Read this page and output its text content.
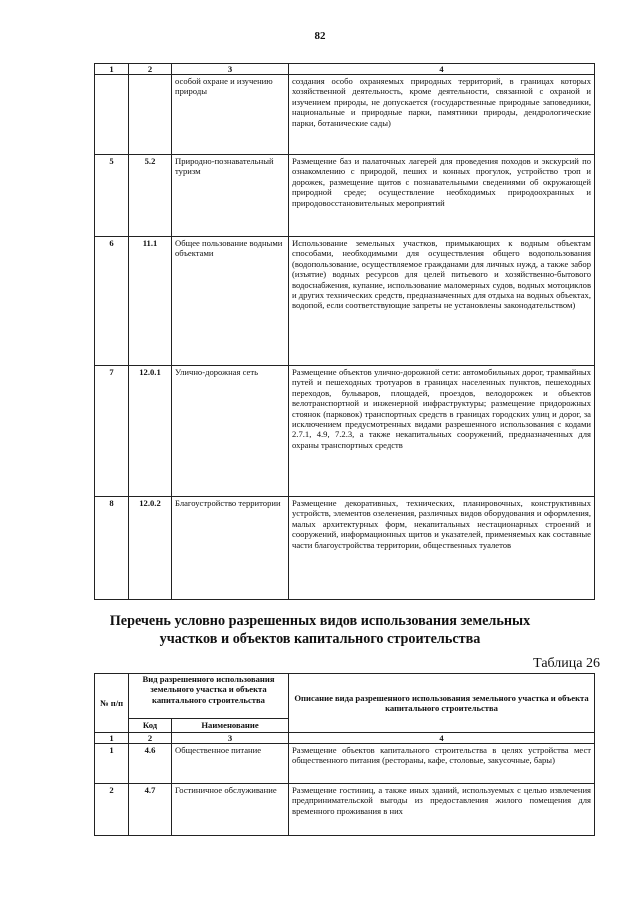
82
1	2	3	4
		особой охране и изучению природы	создания особо охраняемых природных территорий, в границах которых хозяйственной деятельность, кроме деятельности, связанной с охраной и изучением природы, не допускается (государственные природные заповедники, национальные и природные парки, памятники природы, дендрологические парки, ботанические сады)
5	5.2	Природно-познавательный туризм	Размещение баз и палаточных лагерей для проведения походов и экскурсий по ознакомлению с природой, пеших и конных прогулок, устройство троп и дорожек, размещение щитов с познавательными сведениями об окружающей природной среде; осуществление необходимых природоохранных и природовосстановительных мероприятий
6	11.1	Общее пользование водными объектами	Использование земельных участков, примыкающих к водным объектам способами, необходимыми для осуществления общего водопользования (водопользование, осуществляемое гражданами для личных нужд, а также забор (изъятие) водных ресурсов для целей питьевого и хозяйственно-бытового водоснабжения, купание, использование маломерных судов, водных мотоциклов и других технических средств, предназначенных для отдыха на водных объектах, водопой, если соответствующие запреты не установлены законодательством)
7	12.0.1	Улично-дорожная сеть	Размещение объектов улично-дорожной сети: автомобильных дорог, трамвайных путей и пешеходных тротуаров в границах населенных пунктов, пешеходных переходов, бульваров, площадей, проездов, велодорожек и объектов велотранспортной и инженерной инфраструктуры; размещение придорожных стоянок (парковок) транспортных средств в границах городских улиц и дорог, за исключением предусмотренных видами разрешенного использования с кодами 2.7.1, 4.9, 7.2.3, а также некапитальных сооружений, предназначенных для охраны транспортных средств
8	12.0.2	Благоустройство территории	Размещение декоративных, технических, планировочных, конструктивных устройств, элементов озеленения, различных видов оборудования и оформления, малых архитектурных форм, некапитальных нестационарных строений и сооружений, информационных щитов и указателей, применяемых как составные части благоустройства территории, общественных туалетов
Перечень условно разрешенных видов использования земельных участков и объектов капитального строительства
Таблица 26
№ п/п	Вид разрешенного использования земельного участка и объекта капитального строительства		Описание вида разрешенного использования земельного участка и объекта капитального строительства
	Код	Наименование	
1	2	3	4
1	4.6	Общественное питание	Размещение объектов капитального строительства в целях устройства мест общественного питания (рестораны, кафе, столовые, закусочные, бары)
2	4.7	Гостиничное обслуживание	Размещение гостиниц, а также иных зданий, используемых с целью извлечения предпринимательской выгоды из предоставления жилого помещения для временного проживания в них
